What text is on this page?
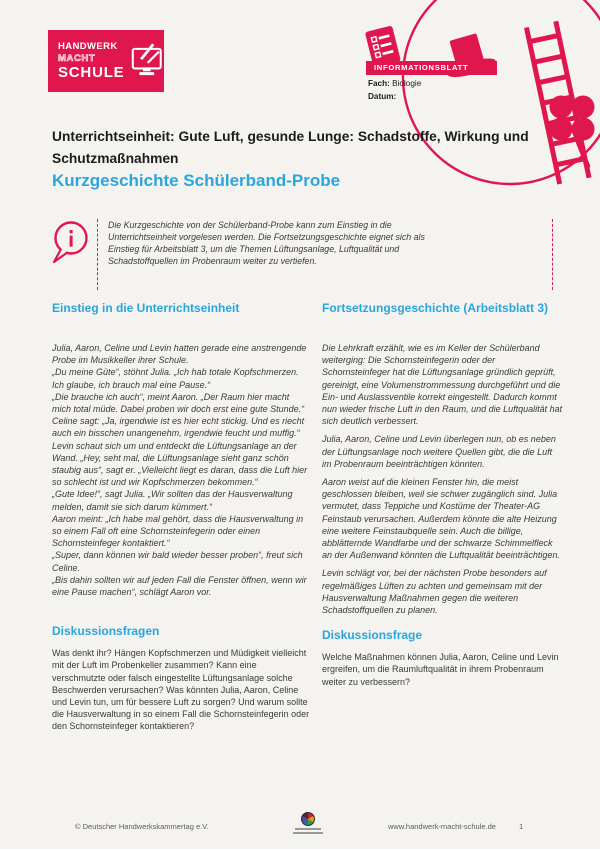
HANDWERK
MACHT
SCHULE	INFORMATIONSBLATT
Fach: Biologie
Datum:
Unterrichtseinheit: Gute Luft, gesunde Lunge: Schadstoffe, Wirkung und Schutzmaßnahmen
Kurzgeschichte Schülerband-Probe
Die Kurzgeschichte von der Schülerband-Probe kann zum Einstieg in die Unterrichtseinheit vorgelesen werden. Die Fortsetzungsgeschichte eignet sich als Einstieg für Arbeitsblatt 3, um die Themen Lüftungsanlage, Luftqualität und Schadstoffquellen im Probenraum weiter zu vertiefen.
Einstieg in die Unterrichtseinheit

Julia, Aaron, Celine und Levin hatten gerade eine anstrengende Probe im Musikkeller ihrer Schule.

„Du meine Güte“, stöhnt Julia. „Ich hab totale Kopfschmerzen. Ich glaube, ich brauch mal eine Pause.“

„Die brauche ich auch“, meint Aaron. „Der Raum hier macht mich total müde. Dabei proben wir doch erst eine gute Stunde.“

Celine sagt: „Ja, irgendwie ist es hier echt stickig. Und es riecht auch ein bisschen unangenehm, irgendwie feucht und muffig.“

Levin schaut sich um und entdeckt die Lüftungsanlage an der Wand. „Hey, seht mal, die Lüftungsanlage sieht ganz schön staubig aus“, sagt er. „Vielleicht liegt es daran, dass die Luft hier so schlecht ist und wir Kopfschmerzen bekommen.“

„Gute Idee!“, sagt Julia. „Wir sollten das der Hausverwaltung melden, damit sie sich darum kümmert.“

Aaron meint: „Ich habe mal gehört, dass die Hausverwaltung in so einem Fall oft eine Schornsteinfegerin oder einen Schornsteinfeger kontaktiert.“

„Super, dann können wir bald wieder besser proben“, freut sich Celine.

„Bis dahin sollten wir auf jeden Fall die Fenster öffnen, wenn wir eine Pause machen“, schlägt Aaron vor.

Diskussionsfragen

Was denkt ihr? Hängen Kopfschmerzen und Müdigkeit vielleicht mit der Luft im Probenkeller zusammen? Kann eine verschmutzte oder falsch eingestellte Lüftungsanlage solche Beschwerden verursachen? Was könnten Julia, Aaron, Celine und Levin tun, um für bessere Luft zu sorgen? Und warum sollte die Hausverwaltung in so einem Fall die Schornsteinfegerin oder den Schornsteinfeger kontaktieren?

Fortsetzungsgeschichte (Arbeitsblatt 3)

Die Lehrkraft erzählt, wie es im Keller der Schülerband weiterging: Die Schornsteinfegerin oder der Schornsteinfeger hat die Lüftungsanlage gründlich geprüft, gereinigt, eine Volumenstrommessung durchgeführt und die Ein- und Auslassventile korrekt eingestellt. Dadurch kommt nun wieder frische Luft in den Raum, und die Luftqualität hat sich deutlich verbessert.

Julia, Aaron, Celine und Levin überlegen nun, ob es neben der Lüftungsanlage noch weitere Quellen gibt, die die Luft im Probenraum beeinträchtigen könnten.

Aaron weist auf die kleinen Fenster hin, die meist geschlossen bleiben, weil sie schwer zugänglich sind. Julia vermutet, dass Teppiche und Kostüme der Theater-AG Feinstaub verursachen. Außerdem könnte die alte Heizung eine weitere Feinstaubquelle sein. Auch die billige, abblätternde Wandfarbe und der schwarze Schimmelfleck an der Außenwand könnten die Luftqualität beeinträchtigen.

Levin schlägt vor, bei der nächsten Probe besonders auf regelmäßiges Lüften zu achten und gemeinsam mit der Hausverwaltung Maßnahmen gegen die weiteren Schadstoffquellen zu planen.

Diskussionsfrage

Welche Maßnahmen können Julia, Aaron, Celine und Levin ergreifen, um die Raumluftqualität in ihrem Probenraum weiter zu verbessern?

© Deutscher Handwerkskammertag e.V.	www.handwerk-macht-schule.de	1
